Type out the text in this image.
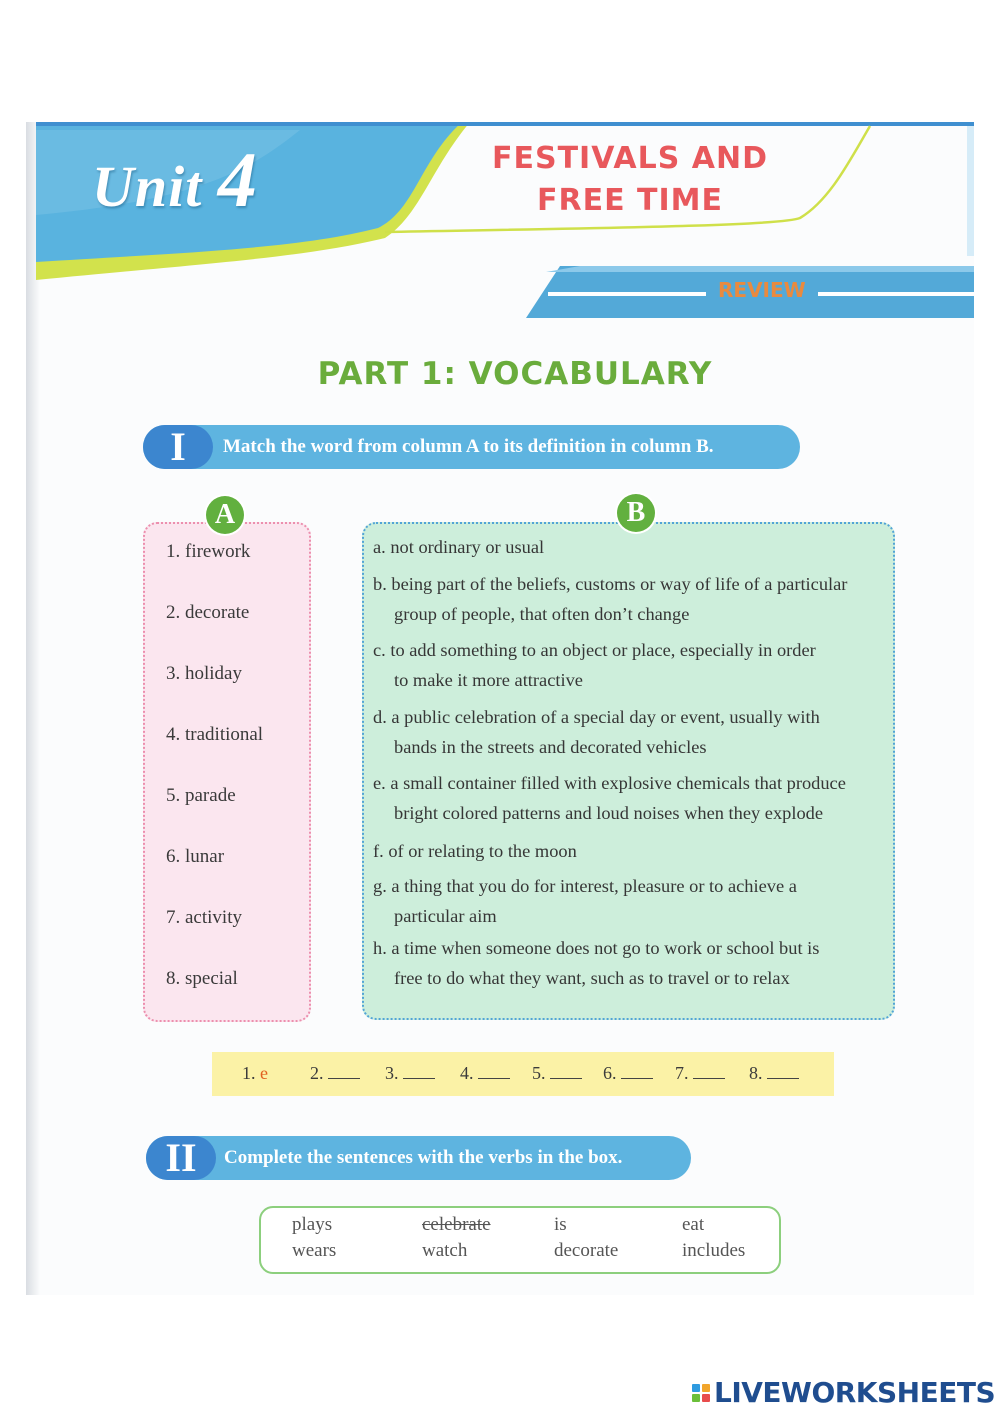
Unit 4	FESTIVALS AND
FREE TIME
REVIEW
PART 1: VOCABULARY
I	Match the word from column A to its definition in column B.
A
1. firework
2. decorate
3. holiday
4. traditional
5. parade
6. lunar
7. activity
8. special
B
a. not ordinary or usual
b. being part of the beliefs, customs or way of life of a particular
group of people, that often don’t change
c. to add something to an object or place, especially in order
to make it more attractive
d. a public celebration of a special day or event, usually with
bands in the streets and decorated vehicles
e. a small container filled with explosive chemicals that produce
bright colored patterns and loud noises when they explode
f. of or relating to the moon
g. a thing that you do for interest, pleasure or to achieve a
particular aim
h. a time when someone does not go to work or school but is
free to do what they want, such as to travel or to relax
1. e 2.	3.	4.	5.	6.	7.	8.
II	Complete the sentences with the verbs in the box.
plays	celebrate	is	eat
wears	watch	decorate	includes
LIVEWORKSHEETS
